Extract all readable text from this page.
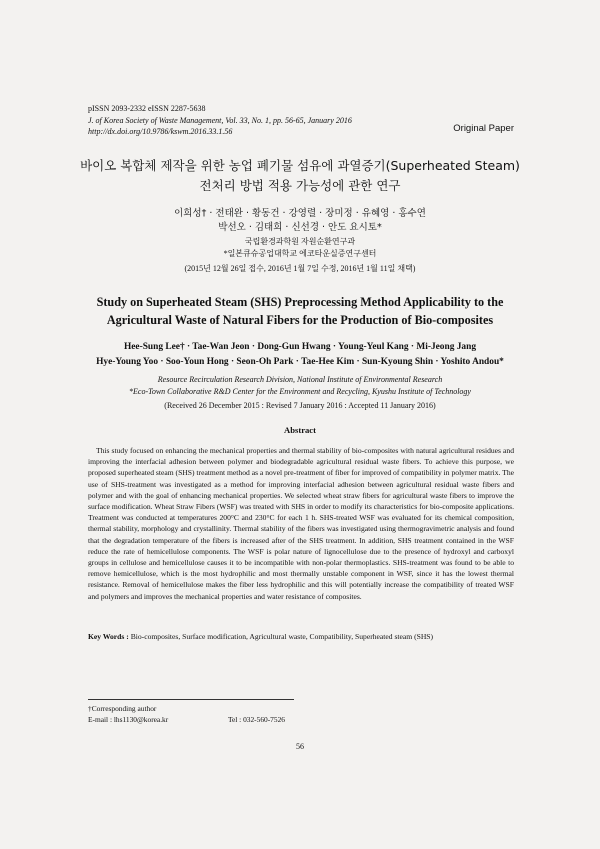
pISSN 2093-2332 eISSN 2287-5638
J. of Korea Society of Waste Management, Vol. 33, No. 1, pp. 56-65, January 2016
http://dx.doi.org/10.9786/kswm.2016.33.1.56	Original Paper
바이오 복합체 제작을 위한 농업 폐기물 섬유에 과열증기(Superheated Steam)
전처리 방법 적용 가능성에 관한 연구
이희성† · 전태완 · 황동건 · 강영렬 · 장미정 · 유혜영 · 홍수연
박선오 · 김태희 · 신선경 · 안도 요시토*
국립환경과학원 자원순환연구과
*일본큐슈공업대학교 에코타운실증연구센터
(2015년 12월 26일 접수, 2016년 1월 7일 수정, 2016년 1월 11일 채택)
Study on Superheated Steam (SHS) Preprocessing Method Applicability to the
Agricultural Waste of Natural Fibers for the Production of Bio-composites
Hee-Sung Lee† · Tae-Wan Jeon · Dong-Gun Hwang · Young-Yeul Kang · Mi-Jeong Jang
Hye-Young Yoo · Soo-Youn Hong · Seon-Oh Park · Tae-Hee Kim · Sun-Kyoung Shin · Yoshito Andou*
Resource Recirculation Research Division, National Institute of Environmental Research
*Eco-Town Collaborative R&D Center for the Environment and Recycling, Kyushu Institute of Technology
(Received 26 December 2015 : Revised 7 January 2016 : Accepted 11 January 2016)
Abstract
This study focused on enhancing the mechanical properties and thermal stability of bio-composites with natural agricultural residues and improving the interfacial adhesion between polymer and biodegradable agricultural residual waste fibers. To achieve this purpose, we proposed superheated steam (SHS) treatment method as a novel pre-treatment of fiber for improved of compatibility in polymer matrix. The use of SHS-treatment was investigated as a method for improving interfacial adhesion between agricultural residual waste fibers and polymer and with the goal of enhancing mechanical properties. We selected wheat straw fibers for agricultural waste fibers to improve the surface modification. Wheat Straw Fibers (WSF) was treated with SHS in order to modify its characteristics for bio-composite applications. Treatment was conducted at temperatures 200°C and 230°C for each 1 h. SHS-treated WSF was evaluated for its chemical composition, thermal stability, morphology and crystallinity. Thermal stability of the fibers was investigated using thermogravimetric analysis and found that the degradation temperature of the fibers is increased after of the SHS treatment. In addition, SHS treatment contained in the WSF reduce the rate of hemicellulose components. The WSF is polar nature of lignocellulose due to the presence of hydroxyl and carboxyl groups in cellulose and hemicellulose causes it to be incompatible with non-polar thermoplastics. SHS-treatment was found to be able to remove hemicellulose, which is the most hydrophilic and most thermally unstable component in WSF, since it has the lowest thermal resistance. Removal of hemicellulose makes the fiber less hydrophilic and this will potentially increase the compatibility of treated WSF and polymers and improves the mechanical properties and water resistance of composites.
Key Words : Bio-composites, Surface modification, Agricultural waste, Compatibility, Superheated steam (SHS)
†Corresponding author
E-mail : lhs1130@korea.kr	Tel : 032-560-7526
56
